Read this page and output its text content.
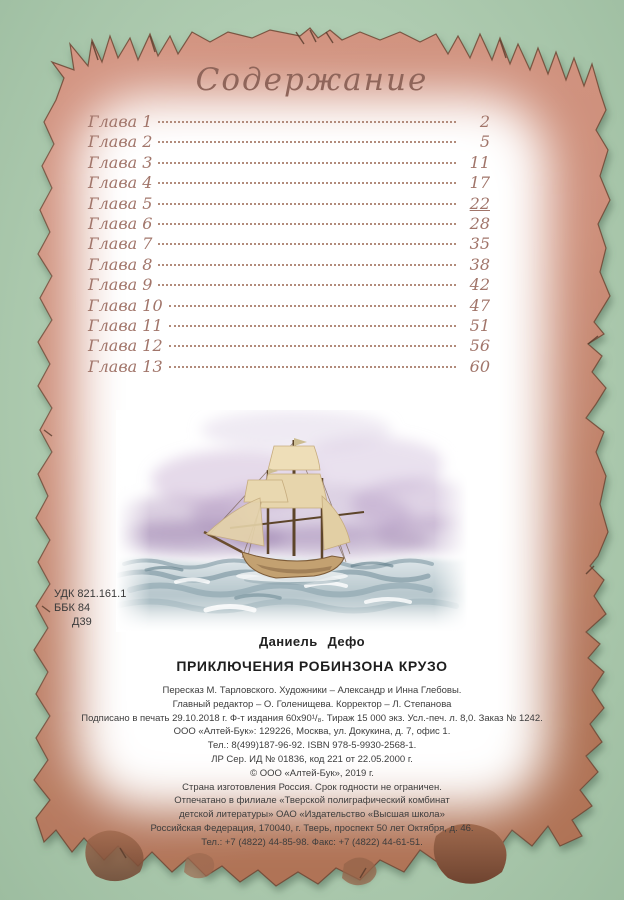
Содержание
Глава 1	2
Глава 2	5
Глава 3	11
Глава 4	17
Глава 5	22
Глава 6	28
Глава 7	35
Глава 8	38
Глава 9	42
Глава 10	47
Глава 11	51
Глава 12	56
Глава 13	60
УДК 821.161.1
ББК 84
Д39
Даниель Дефо
ПРИКЛЮЧЕНИЯ РОБИНЗОНА КРУЗО
Пересказ М. Тарловского. Художники – Александр и Инна Глебовы.
Главный редактор – О. Голенищева. Корректор – Л. Степанова
Подписано в печать 29.10.2018 г. Ф-т издания 60х90¹/₈. Тираж 15 000 экз. Усл.-печ. л. 8,0. Заказ № 1242.
ООО «Алтей-Бук»: 129226, Москва, ул. Докукина, д. 7, офис 1.
Тел.: 8(499)187-96-92. ISBN 978-5-9930-2568-1.
ЛР Сер. ИД № 01836, код 221 от 22.05.2000 г.
© ООО «Алтей-Бук», 2019 г.
Страна изготовления Россия. Срок годности не ограничен.
Отпечатано в филиале «Тверской полиграфический комбинат
детской литературы» ОАО «Издательство «Высшая школа»
Российская Федерация, 170040, г. Тверь, проспект 50 лет Октября, д. 46.
Тел.: +7 (4822) 44-85-98. Факс: +7 (4822) 44-61-51.
